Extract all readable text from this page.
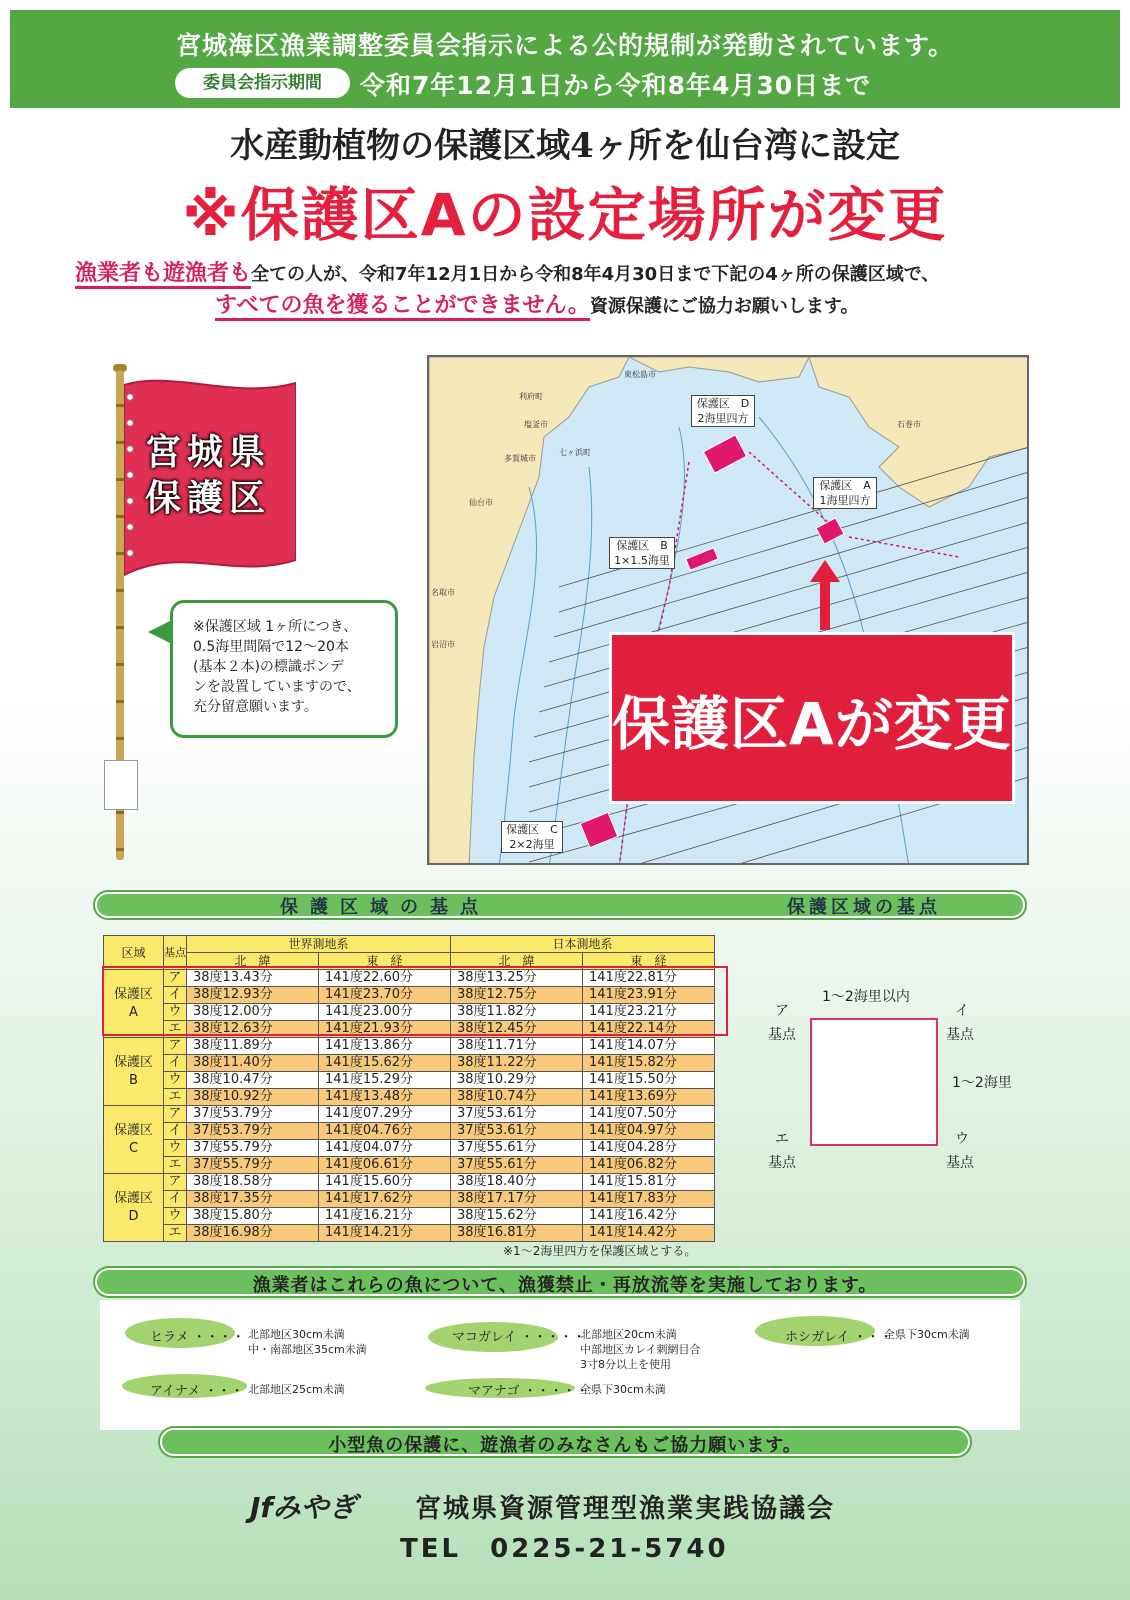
宮城海区漁業調整委員会指示による公的規制が発動されています。
委員会指示期間	令和7年12月1日から令和8年4月30日まで
水産動植物の保護区域4ヶ所を仙台湾に設定
※保護区Aの設定場所が変更
漁業者も遊漁者も全ての人が、令和7年12月1日から令和8年4月30日まで下記の4ヶ所の保護区域で、
すべての魚を獲ることができません。資源保護にご協力お願いします。
宮城県
保護区
※保護区域 1ヶ所につき、
0.5海里間隔で12〜20本
(基本２本)の標識ボンデ
ンを設置していますので、
充分留意願います。
東松島市
利府町
塩釜市
七ヶ浜町
多賀城市
石巻市
仙台市
名取市
岩沼市
保護区　D
2海里四方
保護区　A
1海里四方
保護区　B
1×1.5海里
保護区　C
2×2海里
保護区Aが変更
保護区域の基点	保護区域の基点
区域	基点	世界測地系		日本測地系	
		北　緯	東　経	北　緯	東　経

保護区
A	ア	38度13.43分	141度22.60分	38度13.25分	141度22.81分
	イ	38度12.93分	141度23.70分	38度12.75分	141度23.91分
	ウ	38度12.00分	141度23.00分	38度11.82分	141度23.21分
	エ	38度12.63分	141度21.93分	38度12.45分	141度22.14分

保護区
B	ア	38度11.89分	141度13.86分	38度11.71分	141度14.07分
	イ	38度11.40分	141度15.62分	38度11.22分	141度15.82分
	ウ	38度10.47分	141度15.29分	38度10.29分	141度15.50分
	エ	38度10.92分	141度13.48分	38度10.74分	141度13.69分

保護区
C	ア	37度53.79分	141度07.29分	37度53.61分	141度07.50分
	イ	37度53.79分	141度04.76分	37度53.61分	141度04.97分
	ウ	37度55.79分	141度04.07分	37度55.61分	141度04.28分
	エ	37度55.79分	141度06.61分	37度55.61分	141度06.82分

保護区
D	ア	38度18.58分	141度15.60分	38度18.40分	141度15.81分
	イ	38度17.35分	141度17.62分	38度17.17分	141度17.83分
	ウ	38度15.80分	141度16.21分	38度15.62分	141度16.42分
	エ	38度16.98分	141度14.21分	38度16.81分	141度14.42分
※1〜2海里四方を保護区域とする。
1〜2海里以内
ア
基点
イ
基点
1〜2海里
エ
基点
ウ
基点
漁業者はこれらの魚について、漁獲禁止・再放流等を実施しております。
ヒラメ ・・・・ 北部地区30cm未満
中・南部地区35cm未満
マコガレイ ・・・・・
北部地区20cm未満
中部地区カレイ刺網目合
3寸8分以上を使用
ホシガレイ ・・・
全県下30cm未満
アイナメ ・・・ 北部地区25cm未満	マアナゴ ・・・・・
全県下30cm未満
小型魚の保護に、遊漁者のみなさんもご協力願います。
Jfみやぎ 宮城県資源管理型漁業実践協議会
TEL　0225-21-5740
